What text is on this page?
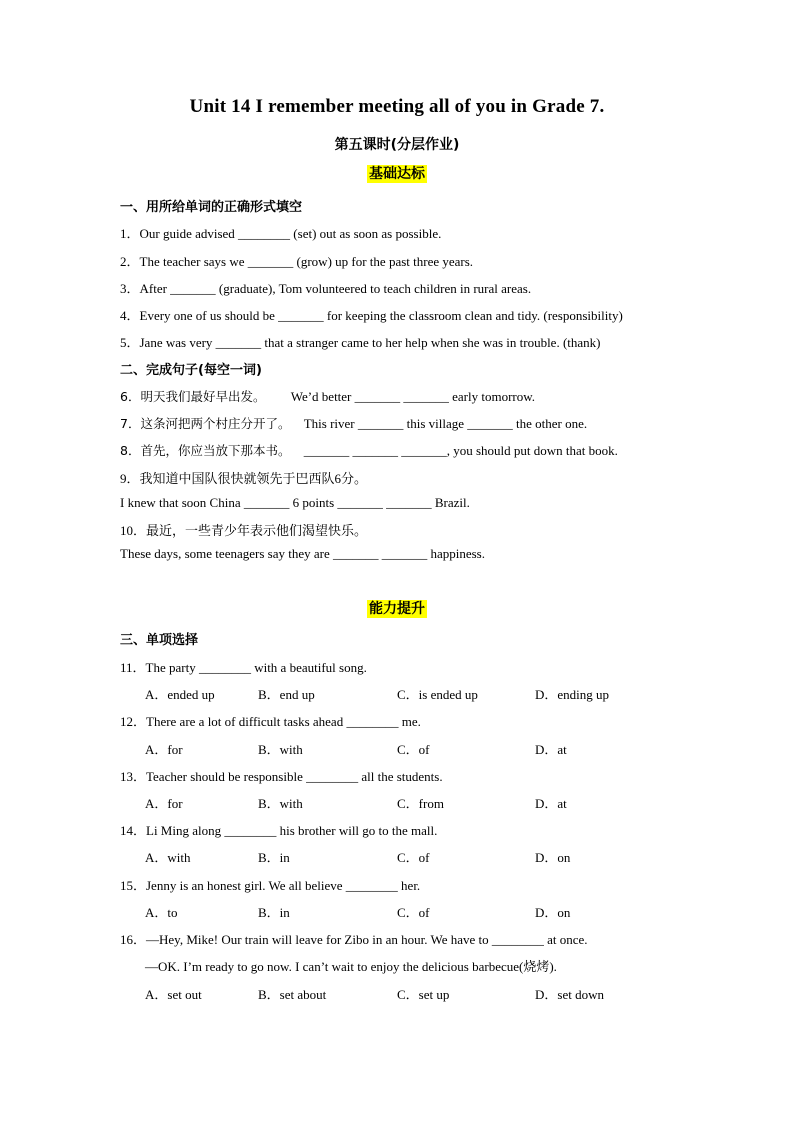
Unit 14 I remember meeting all of you in Grade 7.
第五课时(分层作业)
基础达标
一、用所给单词的正确形式填空
1．Our guide advised ________ (set) out as soon as possible.
2．The teacher says we _______ (grow) up for the past three years.
3．After _______ (graduate), Tom volunteered to teach children in rural areas.
4．Every one of us should be _______ for keeping the classroom clean and tidy. (responsibility)
5．Jane was very _______ that a stranger came to her help when she was in trouble. (thank)
二、完成句子(每空一词)
6．明天我们最好早出发。 We’d better _______ _______ early tomorrow.
7．这条河把两个村庄分开了。 This river _______ this village _______ the other one.
8．首先，你应当放下那本书。 _______ _______ _______, you should put down that book.
9．我知道中国队很快就领先于巴西队6分。
I knew that soon China _______ 6 points _______ _______ Brazil.
10．最近，一些青少年表示他们渴望快乐。
These days, some teenagers say they are _______ _______ happiness.
能力提升
三、单项选择
11．The party ________ with a beautiful song.
A．ended up	B．end up	C．is ended up	D．ending up
12．There are a lot of difficult tasks ahead ________ me.
A．for	B．with	C．of	D．at
13．Teacher should be responsible ________ all the students.
A．for	B．with	C．from	D．at
14．Li Ming along ________ his brother will go to the mall.
A．with	B．in	C．of	D．on
15．Jenny is an honest girl. We all believe ________ her.
A．to	B．in	C．of	D．on
16．—Hey, Mike! Our train will leave for Zibo in an hour. We have to ________ at once.
—OK. I’m ready to go now. I can’t wait to enjoy the delicious barbecue(烧烤).
A．set out	B．set about	C．set up	D．set down
